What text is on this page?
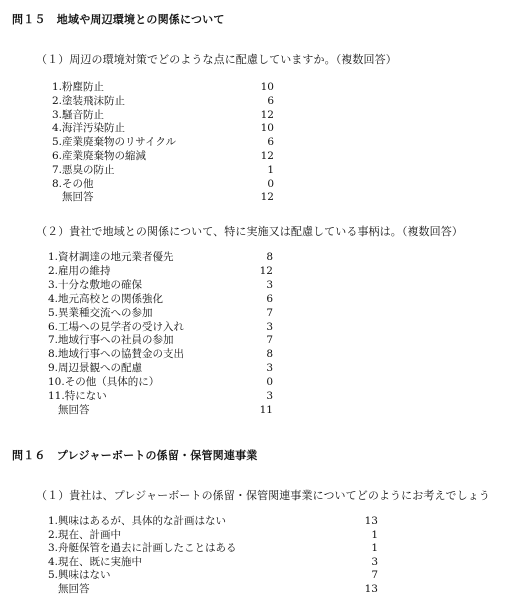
問１５　地域や周辺環境との関係について
（１）周辺の環境対策でどのような点に配慮していますか。（複数回答）
1.粉塵防止	10
2.塗装飛沫防止	6
3.騒音防止	12
4.海洋汚染防止	10
5.産業廃棄物のリサイクル	6
6.産業廃棄物の縮減	12
7.悪臭の防止	1
8.その他	0
無回答	12
（２）貴社で地域との関係について、特に実施又は配慮している事柄は。（複数回答）
1.資材調達の地元業者優先	8
2.雇用の維持	12
3.十分な敷地の確保	3
4.地元高校との関係強化	6
5.異業種交流への参加	7
6.工場への見学者の受け入れ	3
7.地域行事への社員の参加	7
8.地域行事への協賛金の支出	8
9.周辺景観への配慮	3
10.その他（具体的に）	0
11.特にない	3
無回答	11
問１６　プレジャーボートの係留・保管関連事業
（１）貴社は、プレジャーボートの係留・保管関連事業についてどのようにお考えでしょう
1.興味はあるが、具体的な計画はない	13
2.現在、計画中	1
3.舟艇保管を過去に計画したことはある	1
4.現在、既に実施中	3
5.興味はない	7
無回答	13
